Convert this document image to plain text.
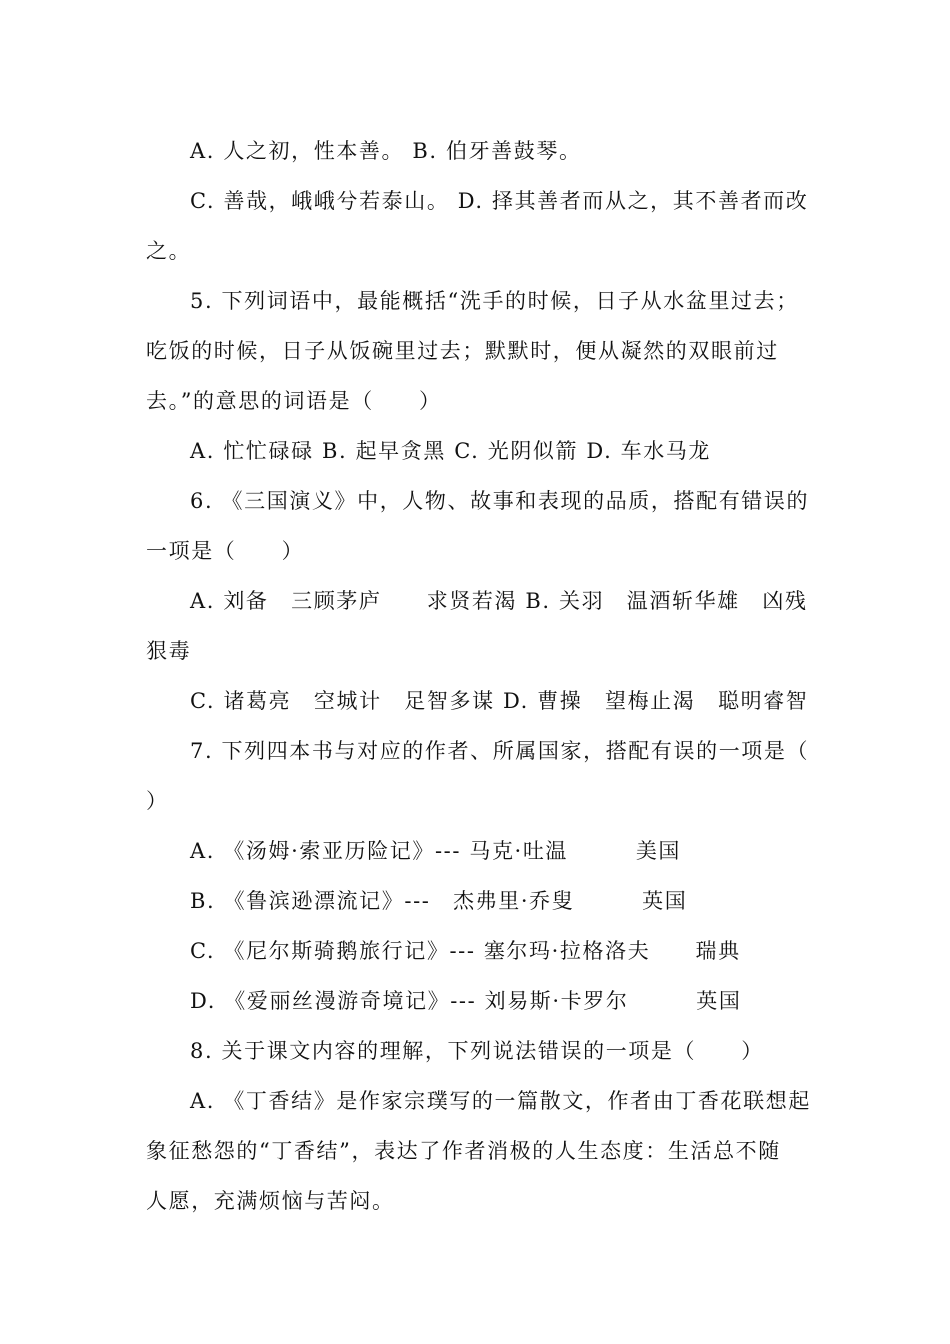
A. 人之初，性本善。 B. 伯牙善鼓琴。
C. 善哉，峨峨兮若泰山。 D. 择其善者而从之，其不善者而改
之。
5. 下列词语中，最能概括“洗手的时候，日子从水盆里过去；
吃饭的时候，日子从饭碗里过去；默默时，便从凝然的双眼前过
去。”的意思的词语是（　　）
A. 忙忙碌碌 B. 起早贪黑 C. 光阴似箭 D. 车水马龙
6. 《三国演义》中，人物、故事和表现的品质，搭配有错误的
一项是（　　）
A. 刘备　三顾茅庐　　求贤若渴 B. 关羽　温酒斩华雄　凶残
狠毒
C. 诸葛亮　空城计　足智多谋 D. 曹操　望梅止渴　聪明睿智
7. 下列四本书与对应的作者、所属国家，搭配有误的一项是（
）
A. 《汤姆·索亚历险记》--- 马克·吐温　　　美国
B. 《鲁滨逊漂流记》---　杰弗里·乔叟　　　英国
C. 《尼尔斯骑鹅旅行记》--- 塞尔玛·拉格洛夫　　瑞典
D. 《爱丽丝漫游奇境记》--- 刘易斯·卡罗尔　　　英国
8. 关于课文内容的理解，下列说法错误的一项是（　　）
A. 《丁香结》是作家宗璞写的一篇散文，作者由丁香花联想起
象征愁怨的“丁香结”，表达了作者消极的人生态度：生活总不随
人愿，充满烦恼与苦闷。
